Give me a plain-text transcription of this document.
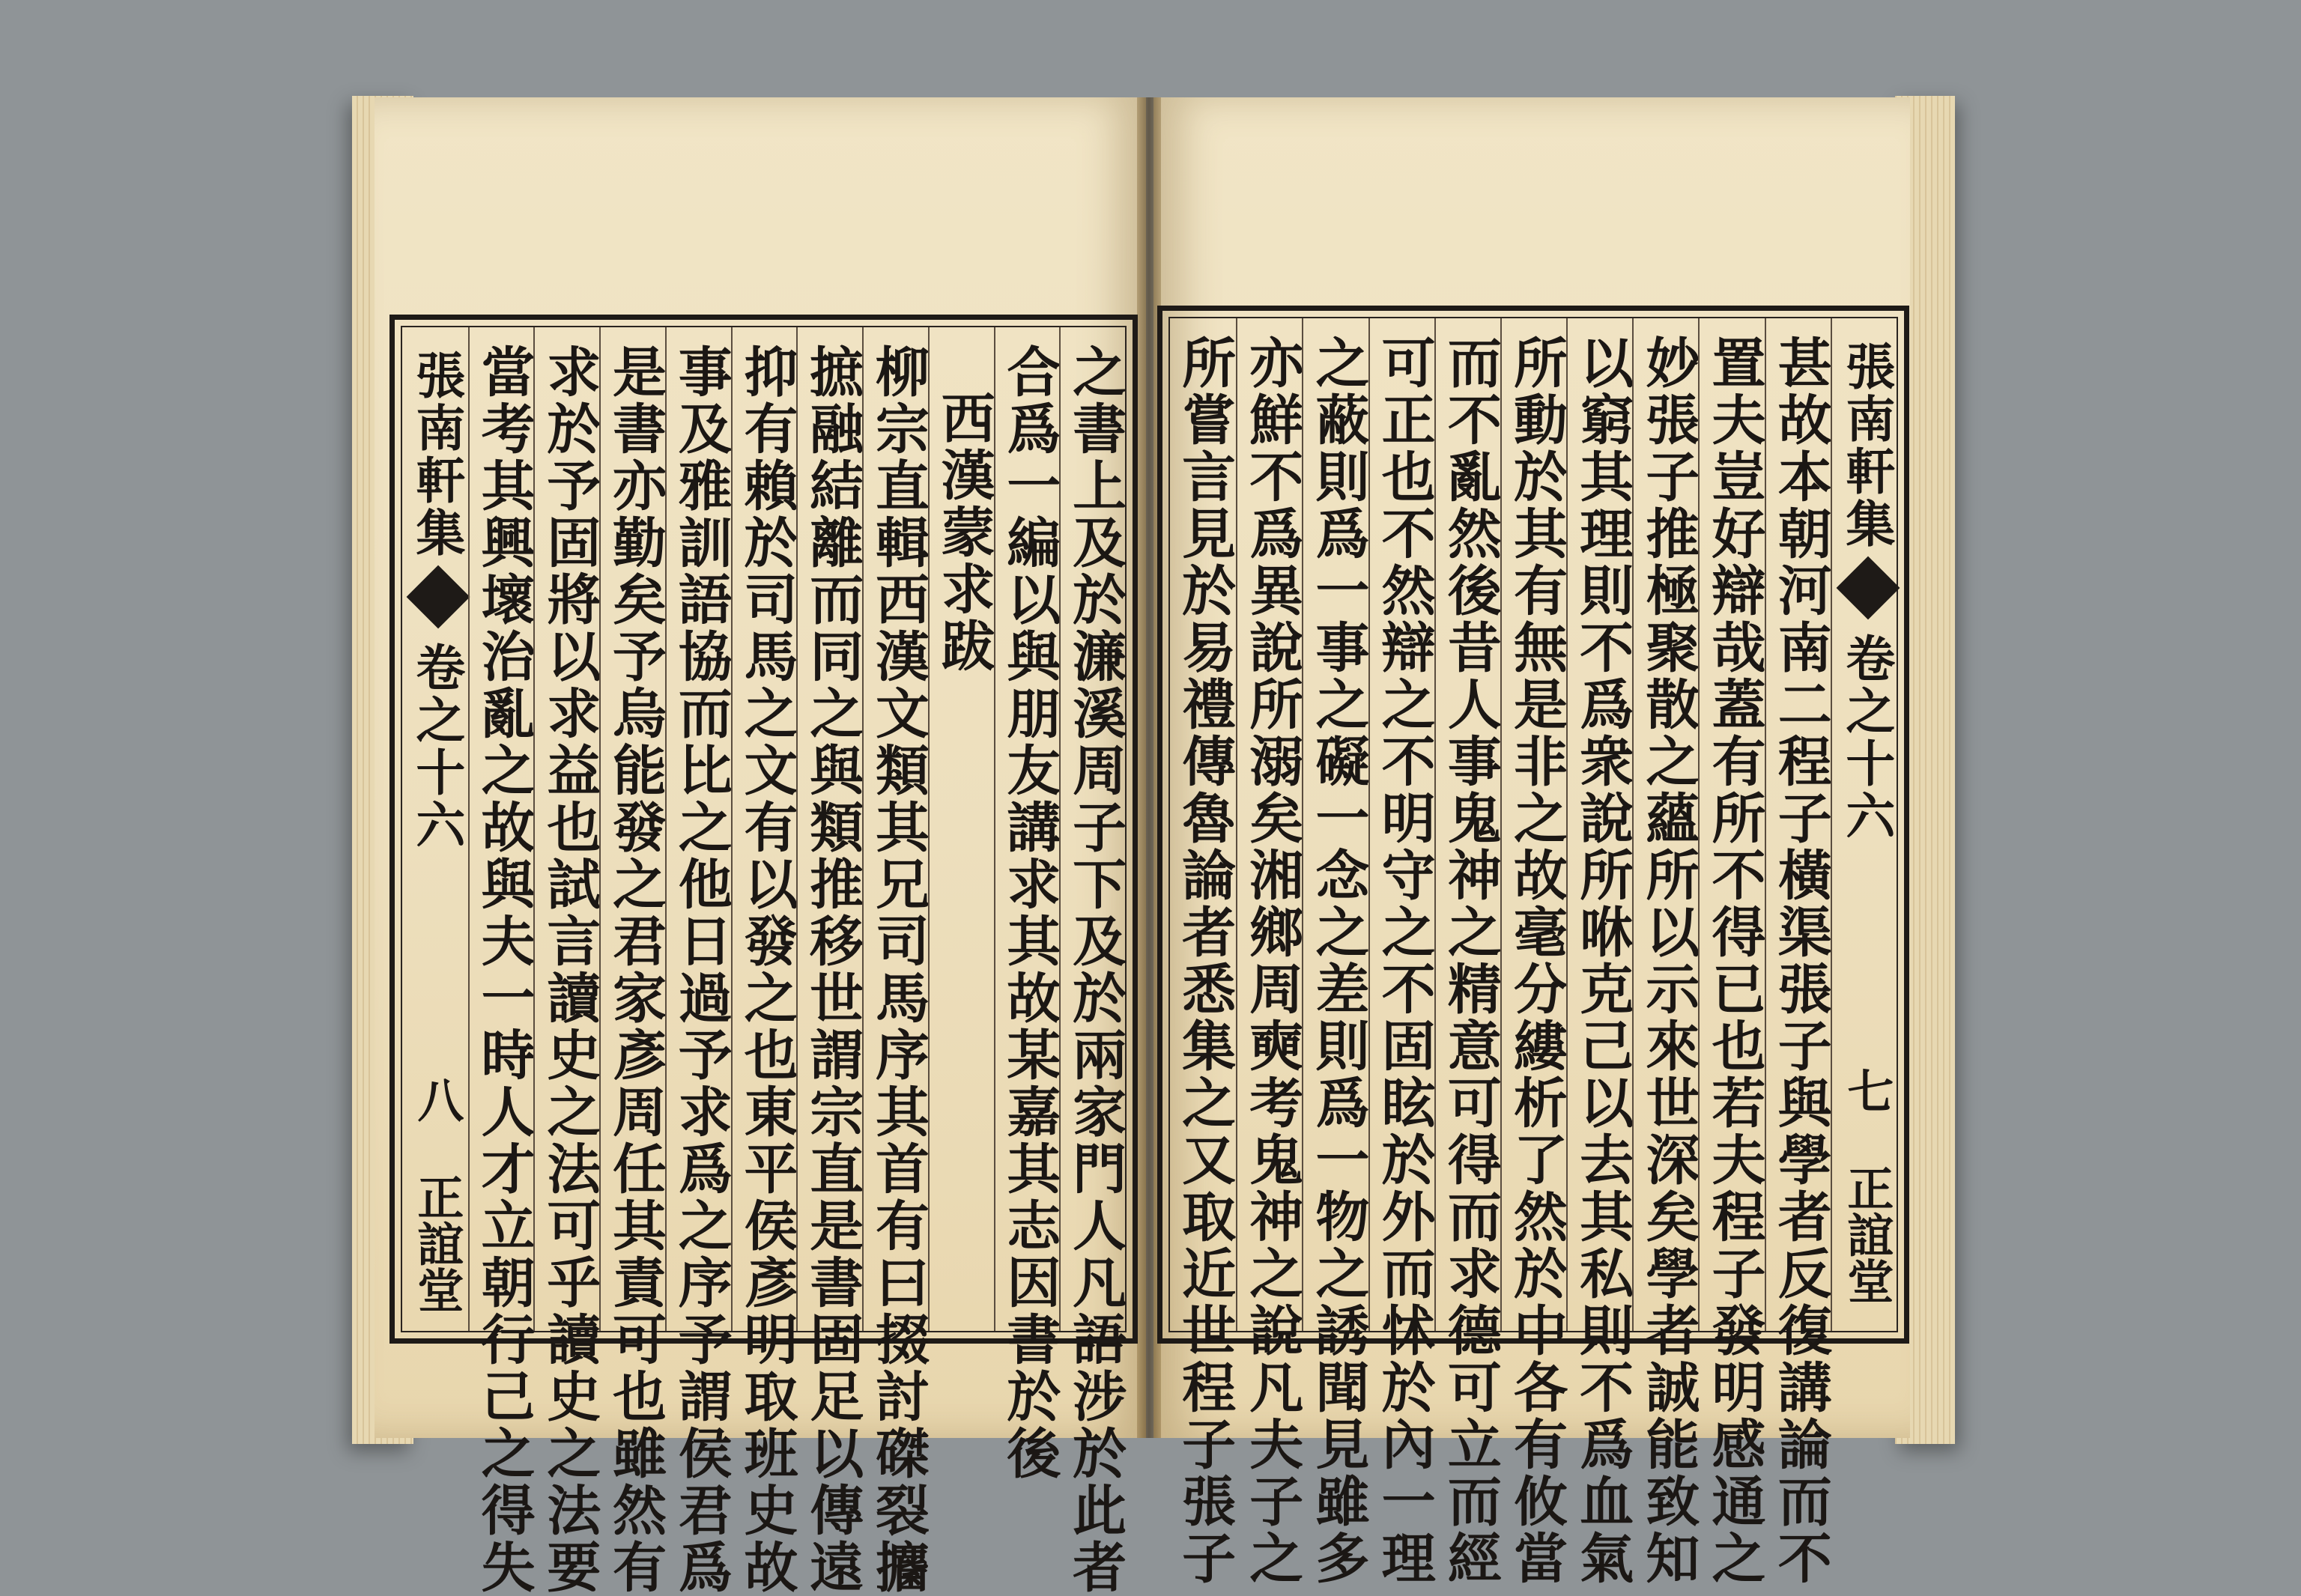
張南軒集
卷之十六
八
正誼堂 當考其興壞治亂之故與夫一時人才立朝行己之得失 求於予固將以求益也試言讀史之法可乎讀史之法要 是書亦勤矣予烏能發之君家彥周任其責可也雖然有 事及雅訓語協而比之他日過予求爲之序予謂侯君爲 抑有賴於司馬之文有以發之也東平侯彥明取班史故 摭融結離而同之與類推移世謂宗直是書固足以傳遠 柳宗直輯西漢文類其兄司馬序其首有曰掇討磔裂攟 西漢蒙求跋 合爲一編以與朋友講求其故某嘉其志因書於後 之書上及於濂溪周子下及於兩家門人凡語涉於此者 所嘗言見於易禮傳魯論者悉集之又取近世程子張子 亦鮮不爲異說所溺矣湘鄉周奭考鬼神之說凡夫子之 之蔽則爲一事之礙一念之差則爲一物之誘聞見雖多 可正也不然辯之不明守之不固眩於外而怵於內一理 而不亂然後昔人事鬼神之精意可得而求德可立而經 所動於其有無是非之故毫分縷析了然於中各有攸當 以窮其理則不爲衆說所咻克己以去其私則不爲血氣 妙張子推極聚散之蘊所以示來世深矣學者誠能致知 置夫豈好辯哉蓋有所不得已也若夫程子發明感通之 甚故本朝河南二程子橫渠張子與學者反復講論而不 張南軒集
卷之十六
七
正誼堂
